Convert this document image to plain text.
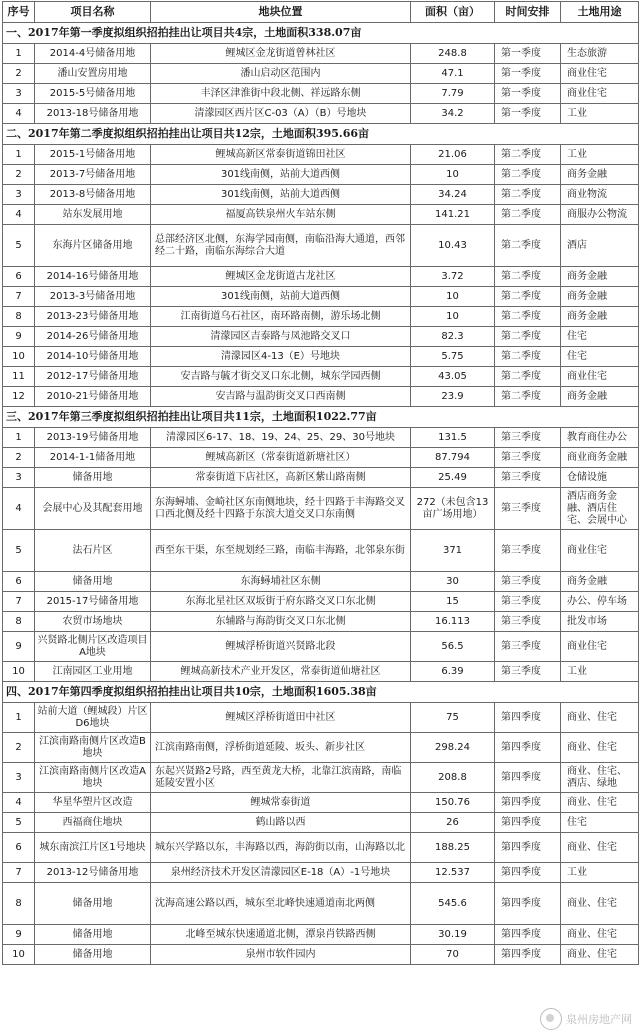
序号	项目名称	地块位置	面积（亩）	时间安排	土地用途
一、2017年第一季度拟组织招拍挂出让项目共4宗，土地面积338.07亩					
1	2014-4号储备用地	鲤城区金龙街道曾林社区	248.8	第一季度	生态旅游
2	潘山安置房用地	潘山启动区范围内	47.1	第一季度	商业住宅
3	2015-5号储备用地	丰泽区津淮街中段北侧、祥远路东侧	7.79	第一季度	商业住宅
4	2013-18号储备用地	清濛园区西片区C-03（A）（B）号地块	34.2	第一季度	工业
二、2017年第二季度拟组织招拍挂出让项目共12宗，土地面积395.66亩					
1	2015-1号储备用地	鲤城高新区常泰街道锦田社区	21.06	第二季度	工业
2	2013-7号储备用地	301线南侧，站前大道西侧	10	第二季度	商务金融
3	2013-8号储备用地	301线南侧，站前大道西侧	34.24	第二季度	商业物流
4	站东发展用地	福厦高铁泉州火车站东侧	141.21	第二季度	商服办公物流
5	东海片区储备用地	总部经济区北侧，东海学园南侧，南临沿海大通道，西邻经二十路，南临东海综合大道	10.43	第二季度	酒店
6	2014-16号储备用地	鲤城区金龙街道古龙社区	3.72	第二季度	商务金融
7	2013-3号储备用地	301线南侧，站前大道西侧	10	第二季度	商务金融
8	2013-23号储备用地	江南街道乌石社区，南环路南侧，游乐场北侧	10	第二季度	商务金融
9	2014-26号储备用地	清濛园区吉泰路与凤池路交叉口	82.3	第二季度	住宅
10	2014-10号储备用地	清濛园区4-13（E）号地块	5.75	第二季度	住宅
11	2012-17号储备用地	安吉路与毓才街交叉口东北侧，城东学园西侧	43.05	第二季度	商业住宅
12	2010-21号储备用地	安吉路与温韵街交叉口西南侧	23.9	第二季度	商务金融
三、2017年第三季度拟组织招拍挂出让项目共11宗，土地面积1022.77亩					
1	2013-19号储备用地	清濛园区6-17、18、19、24、25、29、30号地块	131.5	第三季度	教育商住办公
2	2014-1-1储备用地	鲤城高新区（常泰街道新塘社区）	87.794	第三季度	商业商务金融
3	储备用地	常泰街道下店社区，高新区紫山路南侧	25.49	第三季度	仓储设施
4	会展中心及其配套用地	东海蟳埔、金崎社区东南侧地块，经十四路于丰海路交叉口西北侧及经十四路于东滨大道交叉口东南侧	272（未包含13亩广场用地）	第三季度	酒店商务金融、酒店住宅、会展中心
5	法石片区	西至东干渠，东至规划经三路，南临丰海路，北邻泉东街	371	第三季度	商业住宅
6	储备用地	东海蟳埔社区东侧	30	第三季度	商务金融
7	2015-17号储备用地	东海北星社区双坂街于府东路交叉口东北侧	15	第三季度	办公、停车场
8	农贸市场地块	东辅路与海韵街交叉口东北侧	16.113	第三季度	批发市场
9	兴贤路北侧片区改造项目A地块	鲤城浮桥街道兴贤路北段	56.5	第三季度	商业住宅
10	江南园区工业用地	鲤城高新技术产业开发区，常泰街道仙塘社区	6.39	第三季度	工业
四、2017年第四季度拟组织招拍挂出让项目共10宗，土地面积1605.38亩					
1	站前大道（鲤城段）片区D6地块	鲤城区浮桥街道田中社区	75	第四季度	商业、住宅
2	江滨南路南侧片区改造B地块	江滨南路南侧，浮桥街道延陵、坂头、新步社区	298.24	第四季度	商业、住宅
3	江滨南路南侧片区改造A地块	东起兴贤路2号路，西至黄龙大桥，北靠江滨南路，南临延陵安置小区	208.8	第四季度	商业、住宅、酒店、绿地
4	华星华塑片区改造	鲤城常泰街道	150.76	第四季度	商业、住宅
5	西福商住地块	鹤山路以西	26	第四季度	住宅
6	城东南滨江片区1号地块	城东兴学路以东，丰海路以西，海韵街以南，山海路以北	188.25	第四季度	商业、住宅
7	2013-12号储备用地	泉州经济技术开发区清濛园区E-18（A）-1号地块	12.537	第四季度	工业
8	储备用地	沈海高速公路以西，城东至北峰快速通道南北两侧	545.6	第四季度	商业、住宅
9	储备用地	北峰至城东快速通道北侧，潭泉肖铁路西侧	30.19	第四季度	商业、住宅
10	储备用地	泉州市软件园内	70	第四季度	商业、住宅
泉州房地产网
